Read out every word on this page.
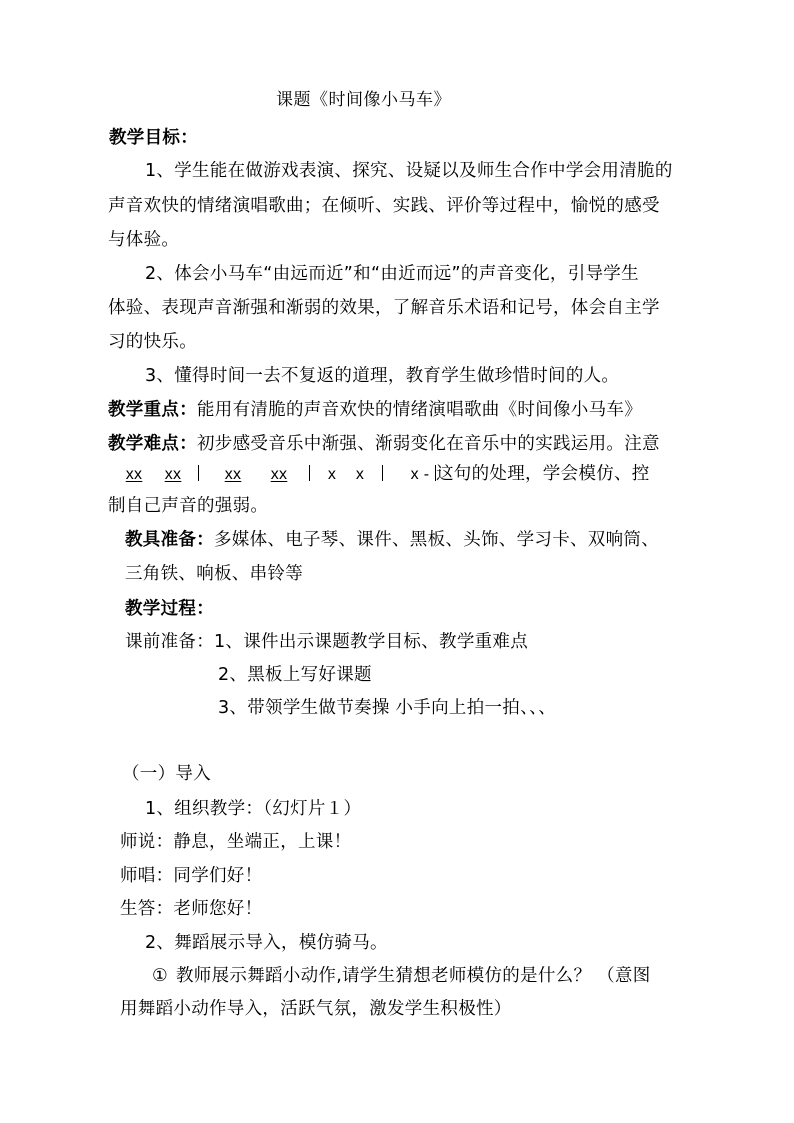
课题《时间像小马车》
教学目标：
1、学生能在做游戏表演、探究、设疑以及师生合作中学会用清脆的
声音欢快的情绪演唱歌曲；在倾听、实践、评价等过程中，愉悦的感受
与体验。
2、体会小马车“由远而近”和“由近而远”的声音变化，引导学生
体验、表现声音渐强和渐弱的效果，了解音乐术语和记号，体会自主学
习的快乐。
3、懂得时间一去不复返的道理，教育学生做珍惜时间的人。
教学重点：能用有清脆的声音欢快的情绪演唱歌曲《时间像小马车》
教学难点：初步感受音乐中渐强、渐弱变化在音乐中的实践运用。注意
xx xx	xx xx	x x	x - 这句的处理，学会模仿、控
制自己声音的强弱。
教具准备：多媒体、电子琴、课件、黑板、头饰、学习卡、双响筒、
三角铁、响板、串铃等
教学过程：
课前准备：1、课件出示课题教学目标、教学重难点
2、黑板上写好课题
3、带领学生做节奏操 小手向上拍一拍、、、
（一）导入
1、组织教学：（幻灯片１）
师说：静息，坐端正，上课！
师唱：同学们好！
生答：老师您好！
2、舞蹈展示导入，模仿骑马。
① 教师展示舞蹈小动作,请学生猜想老师模仿的是什么？ （意图
用舞蹈小动作导入，活跃气氛，激发学生积极性）
